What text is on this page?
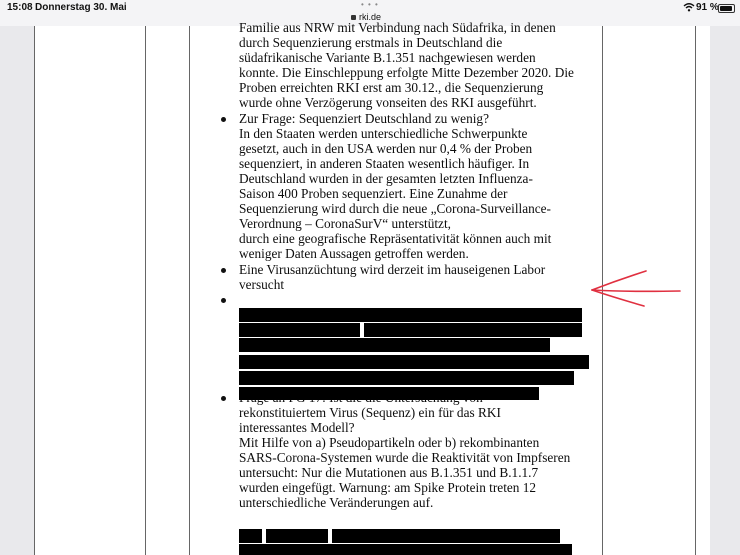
15:08 Donnerstag 30. Mai	• • •
rki.de
91 %
Familie aus NRW mit Verbindung nach Südafrika, in denen
durch Sequenzierung erstmals in Deutschland die
südafrikanische Variante B.1.351 nachgewiesen werden
konnte. Die Einschleppung erfolgte Mitte Dezember 2020. Die
Proben erreichten RKI erst am 30.12., die Sequenzierung
wurde ohne Verzögerung vonseiten des RKI ausgeführt.
Zur Frage: Sequenziert Deutschland zu wenig?
In den Staaten werden unterschiedliche Schwerpunkte
gesetzt, auch in den USA werden nur 0,4 % der Proben
sequenziert, in anderen Staaten wesentlich häufiger. In
Deutschland wurden in der gesamten letzten Influenza-
Saison 400 Proben sequenziert. Eine Zunahme der
Sequenzierung wird durch die neue „Corona-Surveillance-
Verordnung – CoronaSurV“ unterstützt,
durch eine geografische Repräsentativität können auch mit
weniger Daten Aussagen getroffen werden.
Eine Virusanzüchtung wird derzeit im hauseigenen Labor
versucht
rekonstituiertem Virus (Sequenz) ein für das RKI
interessantes Modell?
Mit Hilfe von a) Pseudopartikeln oder b) rekombinanten
SARS-Corona-Systemen wurde die Reaktivität von Impfseren
untersucht: Nur die Mutationen aus B.1.351 und B.1.1.7
wurden eingefügt. Warnung: am Spike Protein treten 12
unterschiedliche Veränderungen auf.
